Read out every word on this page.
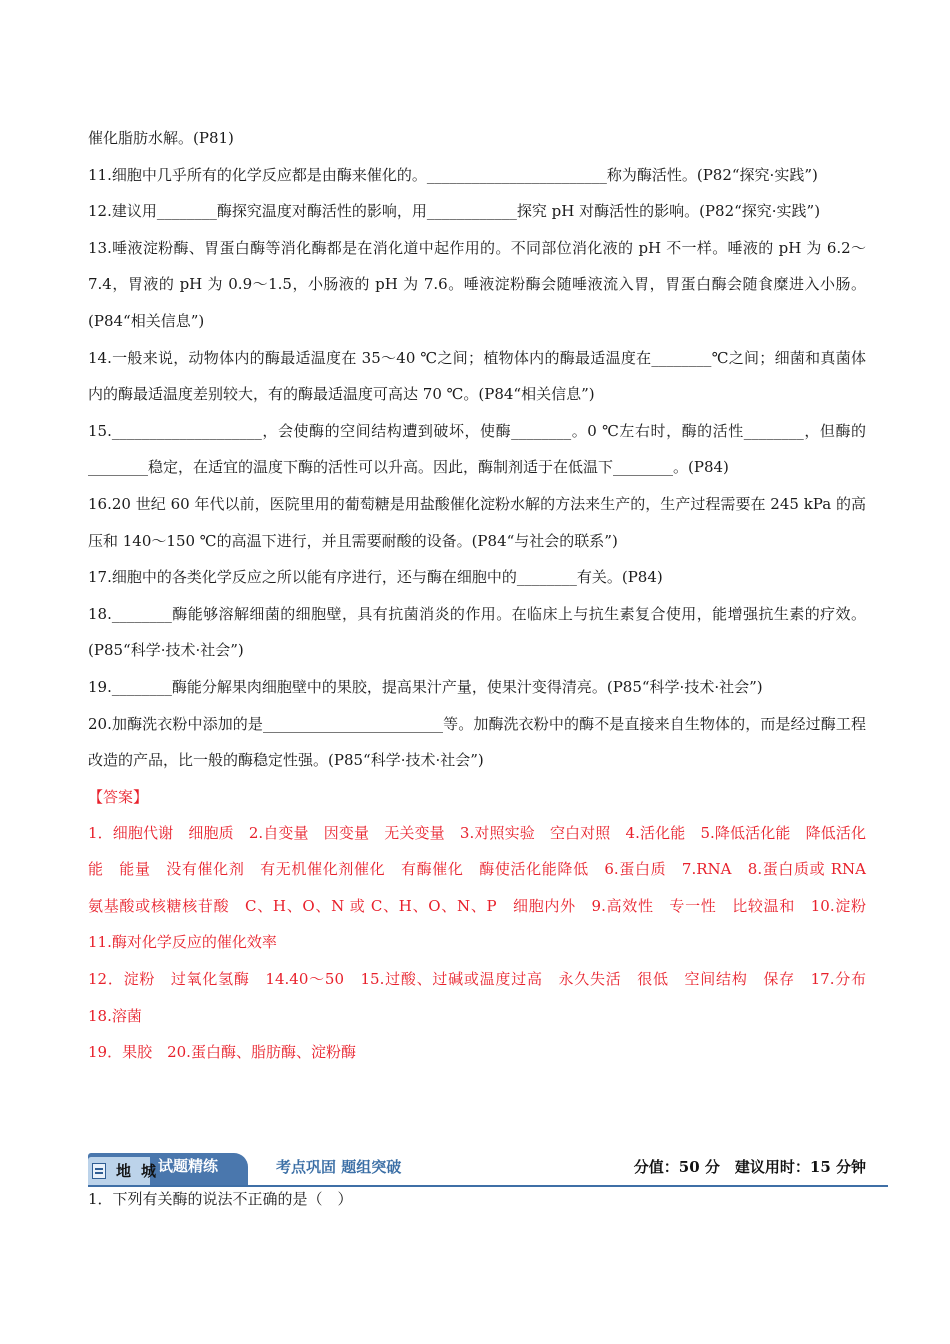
催化脂肪水解。(P81)

11.细胞中几乎所有的化学反应都是由酶来催化的。________________________称为酶活性。(P82“探究·实践”)

12.建议用________酶探究温度对酶活性的影响，用____________探究 pH 对酶活性的影响。(P82“探究·实践”)

13.唾液淀粉酶、胃蛋白酶等消化酶都是在消化道中起作用的。不同部位消化液的 pH 不一样。唾液的 pH 为 6.2～7.4，胃液的 pH 为 0.9～1.5，小肠液的 pH 为 7.6。唾液淀粉酶会随唾液流入胃，胃蛋白酶会随食糜进入小肠。(P84“相关信息”)

14.一般来说，动物体内的酶最适温度在 35～40 ℃之间；植物体内的酶最适温度在________℃之间；细菌和真菌体内的酶最适温度差别较大，有的酶最适温度可高达 70 ℃。(P84“相关信息”)

15.____________________，会使酶的空间结构遭到破坏，使酶________。0 ℃左右时，酶的活性________，但酶的________稳定，在适宜的温度下酶的活性可以升高。因此，酶制剂适于在低温下________。(P84)

16.20 世纪 60 年代以前，医院里用的葡萄糖是用盐酸催化淀粉水解的方法来生产的，生产过程需要在 245 kPa 的高压和 140～150 ℃的高温下进行，并且需要耐酸的设备。(P84“与社会的联系”)

17.细胞中的各类化学反应之所以能有序进行，还与酶在细胞中的________有关。(P84)

18.________酶能够溶解细菌的细胞壁，具有抗菌消炎的作用。在临床上与抗生素复合使用，能增强抗生素的疗效。(P85“科学·技术·社会”)

19.________酶能分解果肉细胞壁中的果胶，提高果汁产量，使果汁变得清亮。(P85“科学·技术·社会”)

20.加酶洗衣粉中添加的是________________________等。加酶洗衣粉中的酶不是直接来自生物体的，而是经过酶工程改造的产品，比一般的酶稳定性强。(P85“科学·技术·社会”)

【答案】

1．细胞代谢　细胞质　2.自变量　因变量　无关变量　3.对照实验　空白对照　4.活化能　5.降低活化能　降低活化能　能量　没有催化剂　有无机催化剂催化　有酶催化　酶使活化能降低　6.蛋白质　7.RNA　8.蛋白质或 RNA　氨基酸或核糖核苷酸　C、H、O、N 或 C、H、O、N、P　细胞内外　9.高效性　专一性　比较温和　10.淀粉　11.酶对化学反应的催化效率

12．淀粉　过氧化氢酶　14.40～50　15.过酸、过碱或温度过高　永久失活　很低　空间结构　保存　17.分布　18.溶菌

19．果胶　20.蛋白酶、脂肪酶、淀粉酶

地城
试题精练	考点巩固 题组突破	分值：50 分　建议用时：15 分钟

1．下列有关酶的说法不正确的是（　）
